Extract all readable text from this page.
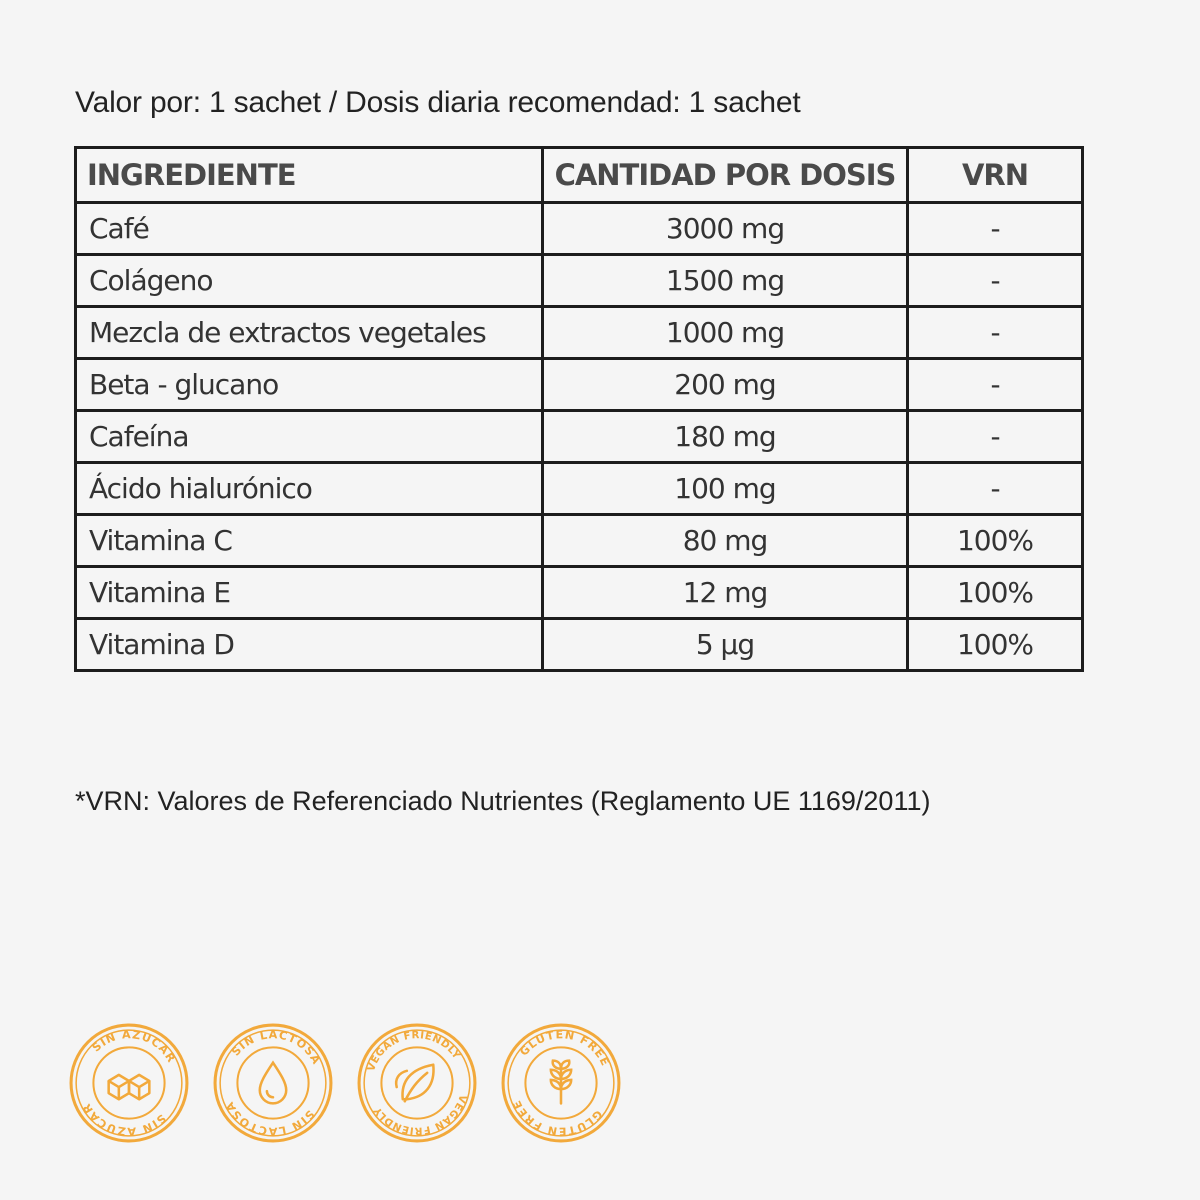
Valor por: 1 sachet / Dosis diaria recomendad: 1 sachet
INGREDIENTE	CANTIDAD POR DOSIS	VRN
Café	3000 mg	-
Colágeno	1500 mg	-
Mezcla de extractos vegetales	1000 mg	-
Beta - glucano	200 mg	-
Cafeína	180 mg	-
Ácido hialurónico	100 mg	-
Vitamina C	80 mg	100%
Vitamina E	12 mg	100%
Vitamina D	5 µg	100%
*VRN: Valores de Referenciado Nutrientes (Reglamento UE 1169/2011)
SIN AZUCAR
SIN AZUCAR
SIN LACTOSA
SIN LACTOSA
VEGAN FRIENDLY
VEGAN FRIENDLY
GLUTEN FREE
GLUTEN FREE
